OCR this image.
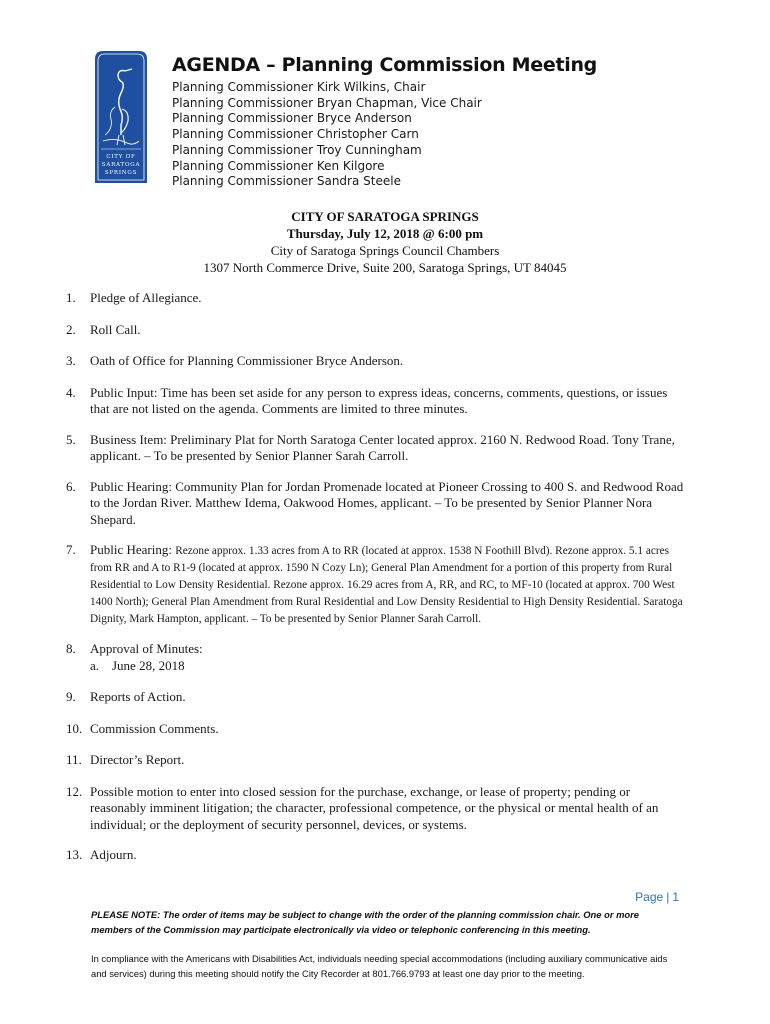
CITY OF
SARATOGA
SPRINGS
AGENDA – Planning Commission Meeting
Planning Commissioner Kirk Wilkins, Chair
Planning Commissioner Bryan Chapman, Vice Chair
Planning Commissioner Bryce Anderson
Planning Commissioner Christopher Carn
Planning Commissioner Troy Cunningham
Planning Commissioner Ken Kilgore
Planning Commissioner Sandra Steele
CITY OF SARATOGA SPRINGS
Thursday, July 12, 2018 @ 6:00 pm
City of Saratoga Springs Council Chambers
1307 North Commerce Drive, Suite 200, Saratoga Springs, UT 84045
1.	Pledge of Allegiance.
2.	Roll Call.
3.	Oath of Office for Planning Commissioner Bryce Anderson.
4.	Public Input: Time has been set aside for any person to express ideas, concerns, comments, questions, or issues that are not listed on the agenda. Comments are limited to three minutes.
5.	Business Item: Preliminary Plat for North Saratoga Center located approx. 2160 N. Redwood Road. Tony Trane, applicant. – To be presented by Senior Planner Sarah Carroll.
6.	Public Hearing: Community Plan for Jordan Promenade located at Pioneer Crossing to 400 S. and Redwood Road to the Jordan River. Matthew Idema, Oakwood Homes, applicant. – To be presented by Senior Planner Nora Shepard.
7.	Public Hearing: Rezone approx. 1.33 acres from A to RR (located at approx. 1538 N Foothill Blvd). Rezone approx. 5.1 acres from RR and A to R1-9 (located at approx. 1590 N Cozy Ln); General Plan Amendment for a portion of this property from Rural Residential to Low Density Residential. Rezone approx. 16.29 acres from A, RR, and RC, to MF-10 (located at approx. 700 West 1400 North); General Plan Amendment from Rural Residential and Low Density Residential to High Density Residential. Saratoga Dignity, Mark Hampton, applicant. – To be presented by Senior Planner Sarah Carroll.
8.	Approval of Minutes:
a. June 28, 2018
9.	Reports of Action.
10. Commission Comments.
11. Director’s Report.
12. Possible motion to enter into closed session for the purchase, exchange, or lease of property; pending or reasonably imminent litigation; the character, professional competence, or the physical or mental health of an individual; or the deployment of security personnel, devices, or systems.
13. Adjourn.
Page | 1
PLEASE NOTE: The order of items may be subject to change with the order of the planning commission chair. One or more members of the Commission may participate electronically via video or telephonic conferencing in this meeting.
In compliance with the Americans with Disabilities Act, individuals needing special accommodations (including auxiliary communicative aids and services) during this meeting should notify the City Recorder at 801.766.9793 at least one day prior to the meeting.
